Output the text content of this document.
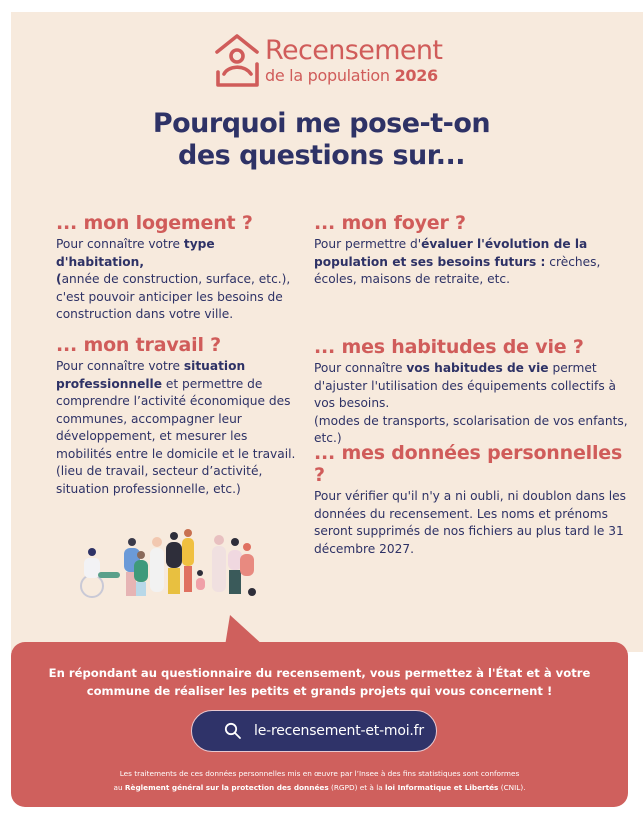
Recensement
de la population 2026
Pourquoi me pose-t-on
des questions sur...
... mon logement ?

Pour connaître votre type d'habitation,
(année de construction, surface, etc.), c'est pouvoir anticiper les besoins de construction dans votre ville.

... mon foyer ?

Pour permettre d'évaluer l'évolution de la population et ses besoins futurs : crèches, écoles, maisons de retraite, etc.

... mon travail ?

Pour connaître votre situation professionnelle et permettre de comprendre l’activité économique des communes, accompagner leur développement, et mesurer les mobilités entre le domicile et le travail.

(lieu de travail, secteur d’activité, situation professionnelle, etc.)

... mes habitudes de vie ?

Pour connaître vos habitudes de vie permet d'ajuster l'utilisation des équipements collectifs à vos besoins.

(modes de transports, scolarisation de vos enfants, etc.)

... mes données personnelles ?

Pour vérifier qu'il n'y a ni oubli, ni doublon dans les données du recensement. Les noms et prénoms seront supprimés de nos fichiers au plus tard le 31 décembre 2027.

En répondant au questionnaire du recensement, vous permettez à l'État et à votre
commune de réaliser les petits et grands projets qui vous concernent !
le-recensement-et-moi.fr
Les traitements de ces données personnelles mis en œuvre par l’Insee à des fins statistiques sont conformes
au Règlement général sur la protection des données (RGPD) et à la loi Informatique et Libertés (CNIL).
